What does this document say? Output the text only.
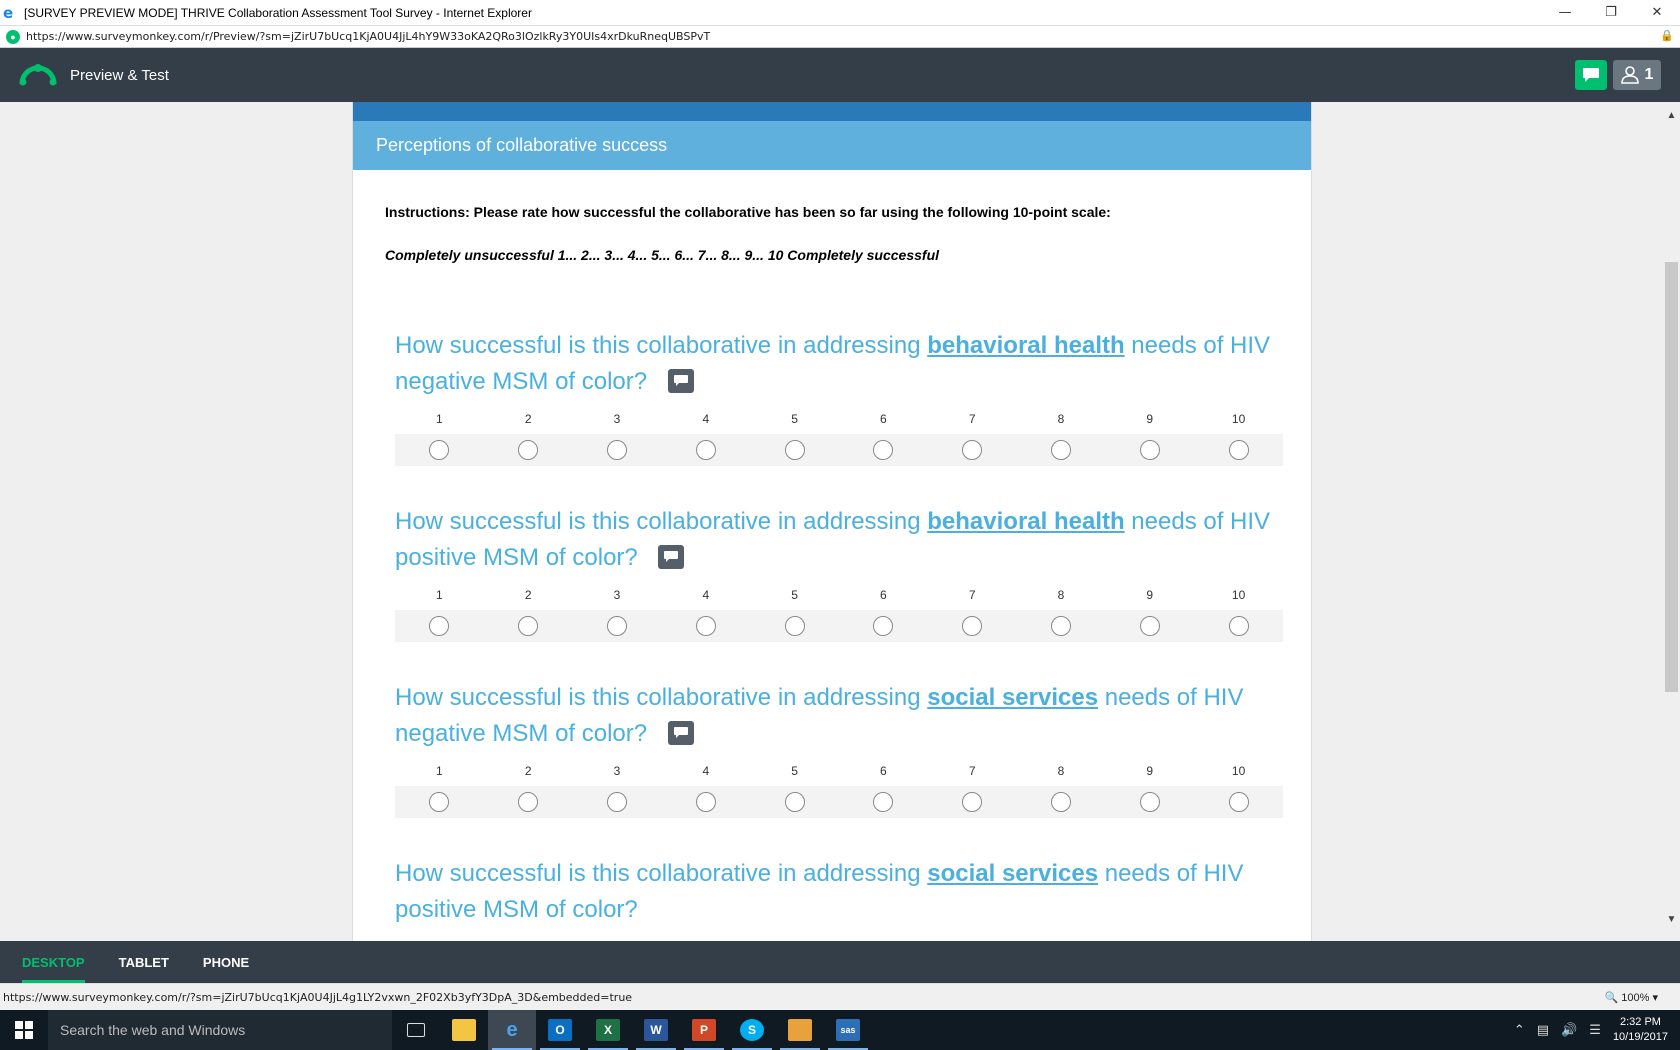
e [SURVEY PREVIEW MODE] THRIVE Collaboration Assessment Tool Survey - Internet Explorer	—	❐	✕
● https://www.surveymonkey.com/r/Preview/?sm=jZirU7bUcq1KjA0U4JjL4hY9W33oKA2QRo3lOzlkRy3Y0UIs4xrDkuRneqUBSPvT	🔒
Preview & Test	1
Perceptions of collaborative success
Instructions: Please rate how successful the collaborative has been so far using the following 10-point scale:
Completely unsuccessful 1... 2... 3... 4... 5... 6... 7... 8... 9... 10 Completely successful
How successful is this collaborative in addressing behavioral health needs of HIV negative MSM of color?
1	2	3	4	5	6	7	8	9	10
How successful is this collaborative in addressing behavioral health needs of HIV positive MSM of color?
1	2	3	4	5	6	7	8	9	10
How successful is this collaborative in addressing social services needs of HIV negative MSM of color?
1	2	3	4	5	6	7	8	9	10
How successful is this collaborative in addressing social services needs of HIV positive MSM of color?
▲
▼
DESKTOP	TABLET	PHONE
https://www.surveymonkey.com/r/?sm=jZirU7bUcq1KjA0U4JjL4g1LY2vxwn_2F02Xb3yfY3DpA_3D&embedded=true	🔍 100% ▾
Search the web and Windows	e	O	X	W	P	S	sas	⌃ ▤ 🔊 ☰
2:32 PM
10/19/2017
